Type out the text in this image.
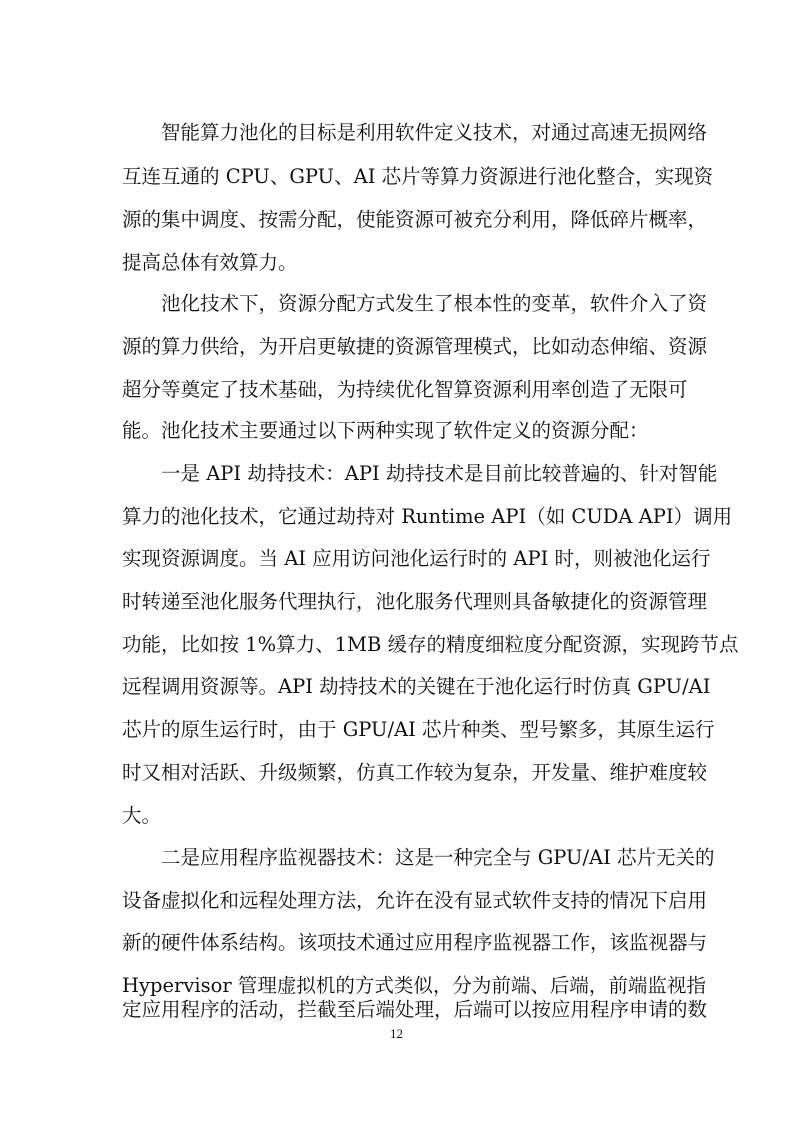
智能算力池化的目标是利用软件定义技术，对通过高速无损网络
互连互通的 CPU、GPU、AI 芯片等算力资源进行池化整合，实现资
源的集中调度、按需分配，使能资源可被充分利用，降低碎片概率，
提高总体有效算力。
池化技术下，资源分配方式发生了根本性的变革，软件介入了资
源的算力供给，为开启更敏捷的资源管理模式，比如动态伸缩、资源
超分等奠定了技术基础，为持续优化智算资源利用率创造了无限可
能。池化技术主要通过以下两种实现了软件定义的资源分配：
一是 API 劫持技术：API 劫持技术是目前比较普遍的、针对智能
算力的池化技术，它通过劫持对 Runtime API（如 CUDA API）调用
实现资源调度。当 AI 应用访问池化运行时的 API 时，则被池化运行
时转递至池化服务代理执行，池化服务代理则具备敏捷化的资源管理
功能，比如按 1%算力、1MB 缓存的精度细粒度分配资源，实现跨节点
远程调用资源等。API 劫持技术的关键在于池化运行时仿真 GPU/AI
芯片的原生运行时，由于 GPU/AI 芯片种类、型号繁多，其原生运行
时又相对活跃、升级频繁，仿真工作较为复杂，开发量、维护难度较
大。
二是应用程序监视器技术：这是一种完全与 GPU/AI 芯片无关的
设备虚拟化和远程处理方法，允许在没有显式软件支持的情况下启用
新的硬件体系结构。该项技术通过应用程序监视器工作，该监视器与
Hypervisor 管理虚拟机的方式类似，分为前端、后端，前端监视指
定应用程序的活动，拦截至后端处理，后端可以按应用程序申请的数
12
